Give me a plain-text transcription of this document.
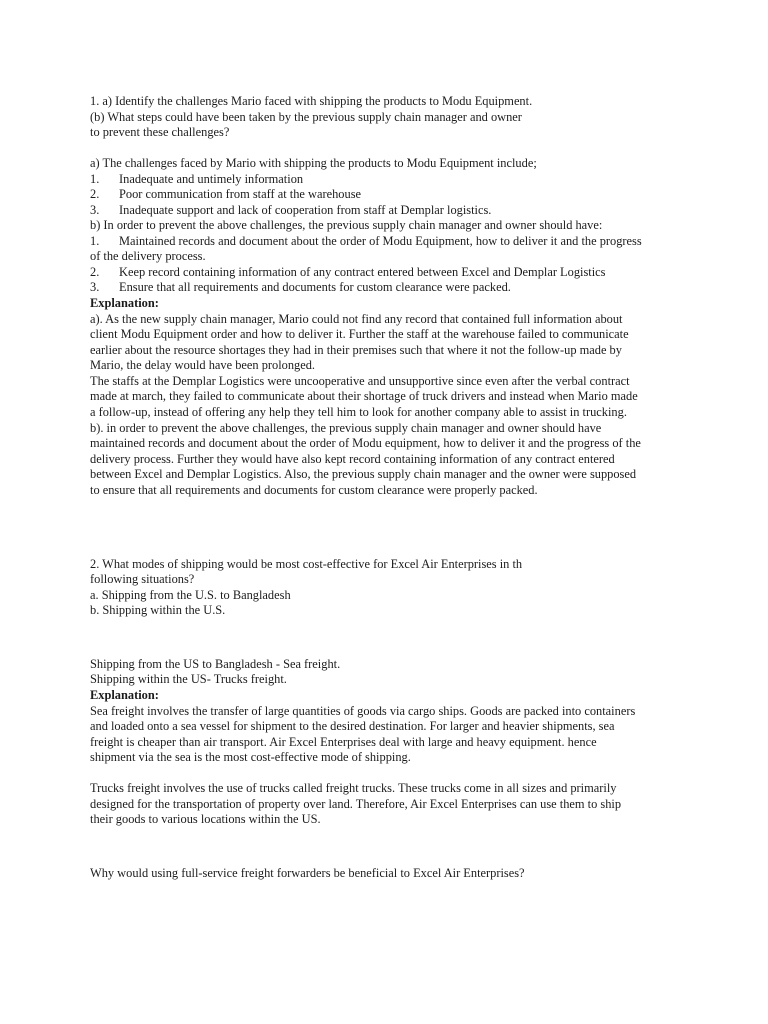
1. a) Identify the challenges Mario faced with shipping the products to Modu Equipment.
(b) What steps could have been taken by the previous supply chain manager and owner
to prevent these challenges?
a) The challenges faced by Mario with shipping the products to Modu Equipment include;
1. Inadequate and untimely information
2. Poor communication from staff at the warehouse
3. Inadequate support and lack of cooperation from staff at Demplar logistics.
b) In order to prevent the above challenges, the previous supply chain manager and owner should have:
1. Maintained records and document about the order of Modu Equipment, how to deliver it and the progress
of the delivery process.
2. Keep record containing information of any contract entered between Excel and Demplar Logistics
3. Ensure that all requirements and documents for custom clearance were packed.
Explanation:
a). As the new supply chain manager, Mario could not find any record that contained full information about
client Modu Equipment order and how to deliver it. Further the staff at the warehouse failed to communicate
earlier about the resource shortages they had in their premises such that where it not the follow-up made by
Mario, the delay would have been prolonged.
The staffs at the Demplar Logistics were uncooperative and unsupportive since even after the verbal contract
made at march, they failed to communicate about their shortage of truck drivers and instead when Mario made
a follow-up, instead of offering any help they tell him to look for another company able to assist in trucking.
b). in order to prevent the above challenges, the previous supply chain manager and owner should have
maintained records and document about the order of Modu equipment, how to deliver it and the progress of the
delivery process. Further they would have also kept record containing information of any contract entered
between Excel and Demplar Logistics. Also, the previous supply chain manager and the owner were supposed
to ensure that all requirements and documents for custom clearance were properly packed.
2. What modes of shipping would be most cost-effective for Excel Air Enterprises in th
following situations?
a. Shipping from the U.S. to Bangladesh
b. Shipping within the U.S.
Shipping from the US to Bangladesh - Sea freight.
Shipping within the US- Trucks freight.
Explanation:
Sea freight involves the transfer of large quantities of goods via cargo ships. Goods are packed into containers
and loaded onto a sea vessel for shipment to the desired destination. For larger and heavier shipments, sea
freight is cheaper than air transport. Air Excel Enterprises deal with large and heavy equipment. hence
shipment via the sea is the most cost-effective mode of shipping.
Trucks freight involves the use of trucks called freight trucks. These trucks come in all sizes and primarily
designed for the transportation of property over land. Therefore, Air Excel Enterprises can use them to ship
their goods to various locations within the US.
Why would using full-service freight forwarders be beneficial to Excel Air Enterprises?
